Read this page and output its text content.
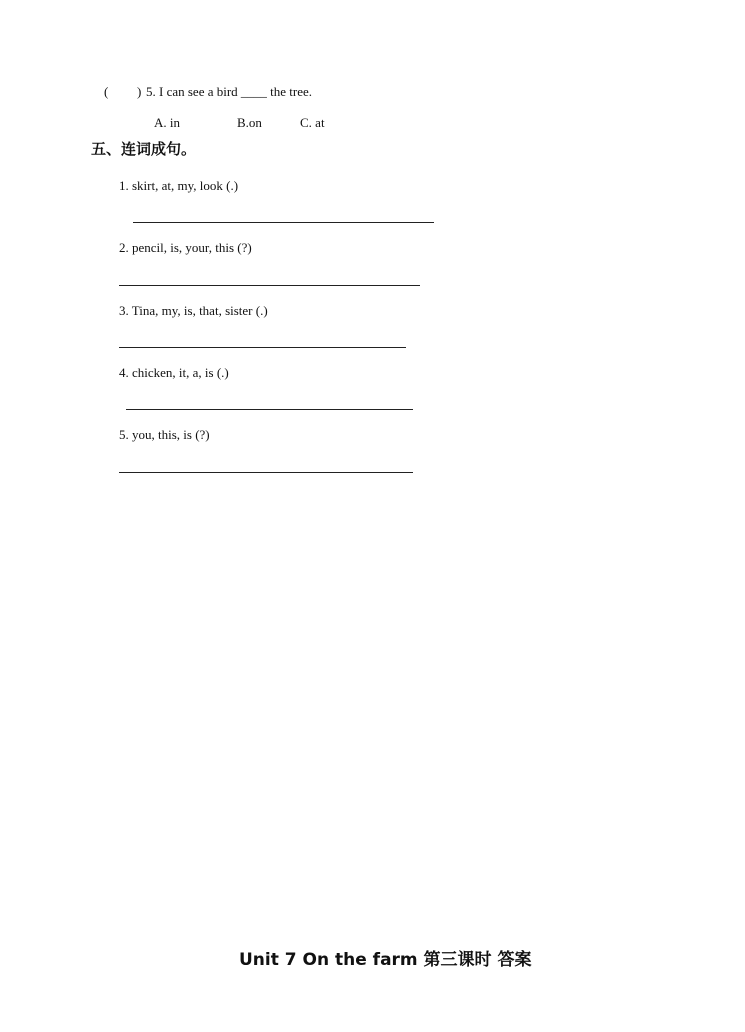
( ) 5. I can see a bird ____ the tree.
A. in	B.on	C. at
五、连词成句。
1. skirt, at, my, look (.)
2. pencil, is, your, this (?)
3. Tina, my, is, that, sister (.)
4. chicken, it, a, is (.)
5. you, this, is (?)
Unit 7 On the farm 第三课时 答案
